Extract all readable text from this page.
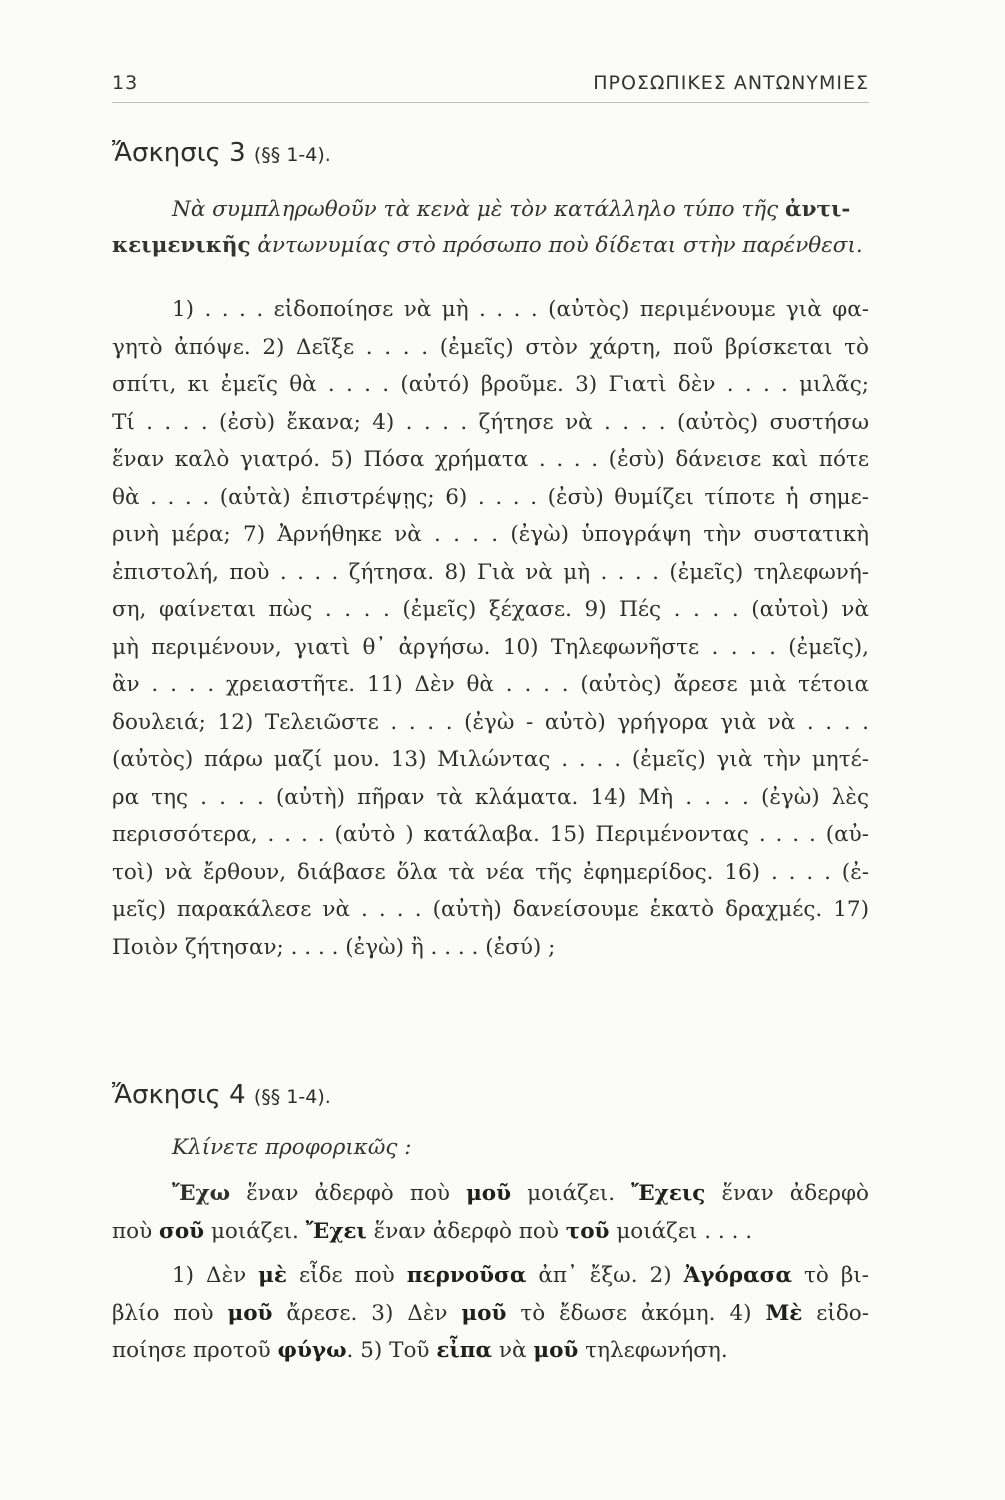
13	ΠΡΟΣΩΠΙΚΕΣ ΑΝΤΩΝΥΜΙΕΣ
Ἄσκησις 3 (§§ 1-4).
Νὰ συμπληρωθοῦν τὰ κενὰ μὲ τὸν κατάλληλο τύπο τῆς ἀντι-
κειμενικῆς ἀντωνυμίας στὸ πρόσωπο ποὺ δίδεται στὴν παρένθεσι.
1) . . . . εἰδοποίησε νὰ μὴ . . . . (αὐτὸς) περιμένουμε γιὰ φα-
γητὸ ἀπόψε. 2) Δεῖξε . . . . (ἐμεῖς) στὸν χάρτη, ποῦ βρίσκεται τὸ
σπίτι, κι ἐμεῖς θὰ . . . . (αὐτό) βροῦμε. 3) Γιατὶ δὲν . . . . μιλᾶς;
Τί . . . . (ἐσὺ) ἔκανα; 4) . . . . ζήτησε νὰ . . . . (αὐτὸς) συστήσω
ἕναν καλὸ γιατρό. 5) Πόσα χρήματα . . . . (ἐσὺ) δάνεισε καὶ πότε
θὰ . . . . (αὐτὰ) ἐπιστρέψῃς; 6) . . . . (ἐσὺ) θυμίζει τίποτε ἡ σημε-
ρινὴ μέρα; 7) Ἀρνήθηκε νὰ . . . . (ἐγὼ) ὑπογράψη τὴν συστατικὴ
ἐπιστολή, ποὺ . . . . ζήτησα. 8) Γιὰ νὰ μὴ . . . . (ἐμεῖς) τηλεφωνή-
ση, φαίνεται πὼς . . . . (ἐμεῖς) ξέχασε. 9) Πές . . . . (αὐτοὶ) νὰ
μὴ περιμένουν, γιατὶ θ᾽ ἀργήσω. 10) Τηλεφωνῆστε . . . . (ἐμεῖς),
ἂν . . . . χρειαστῆτε. 11) Δὲν θὰ . . . . (αὐτὸς) ἄρεσε μιὰ τέτοια
δουλειά; 12) Τελειῶστε . . . . (ἐγὼ - αὐτὸ) γρήγορα γιὰ νὰ . . . .
(αὐτὸς) πάρω μαζί μου. 13) Μιλώντας . . . . (ἐμεῖς) γιὰ τὴν μητέ-
ρα της . . . . (αὐτὴ) πῆραν τὰ κλάματα. 14) Μὴ . . . . (ἐγὼ) λὲς
περισσότερα, . . . . (αὐτὸ ) κατάλαβα. 15) Περιμένοντας . . . . (αὐ-
τοὶ) νὰ ἔρθουν, διάβασε ὅλα τὰ νέα τῆς ἐφημερίδος. 16) . . . . (ἐ-
μεῖς) παρακάλεσε νὰ . . . . (αὐτὴ) δανείσουμε ἑκατὸ δραχμές. 17)
Ποιὸν ζήτησαν; . . . . (ἐγὼ) ἢ . . . . (ἐσύ) ;
Ἄσκησις 4 (§§ 1-4).
Κλίνετε προφορικῶς :
Ἔχω ἕναν ἀδερφὸ ποὺ μοῦ μοιάζει. Ἔχεις ἕναν ἀδερφὸ
ποὺ σοῦ μοιάζει. Ἔχει ἕναν ἀδερφὸ ποὺ τοῦ μοιάζει . . . .
1) Δὲν μὲ εἶδε ποὺ περνοῦσα ἀπ᾽ ἔξω. 2) Ἀγόρασα τὸ βι-
βλίο ποὺ μοῦ ἄρεσε. 3) Δὲν μοῦ τὸ ἔδωσε ἀκόμη. 4) Μὲ εἰδο-
ποίησε προτοῦ φύγω. 5) Τοῦ εἶπα νὰ μοῦ τηλεφωνήση.
